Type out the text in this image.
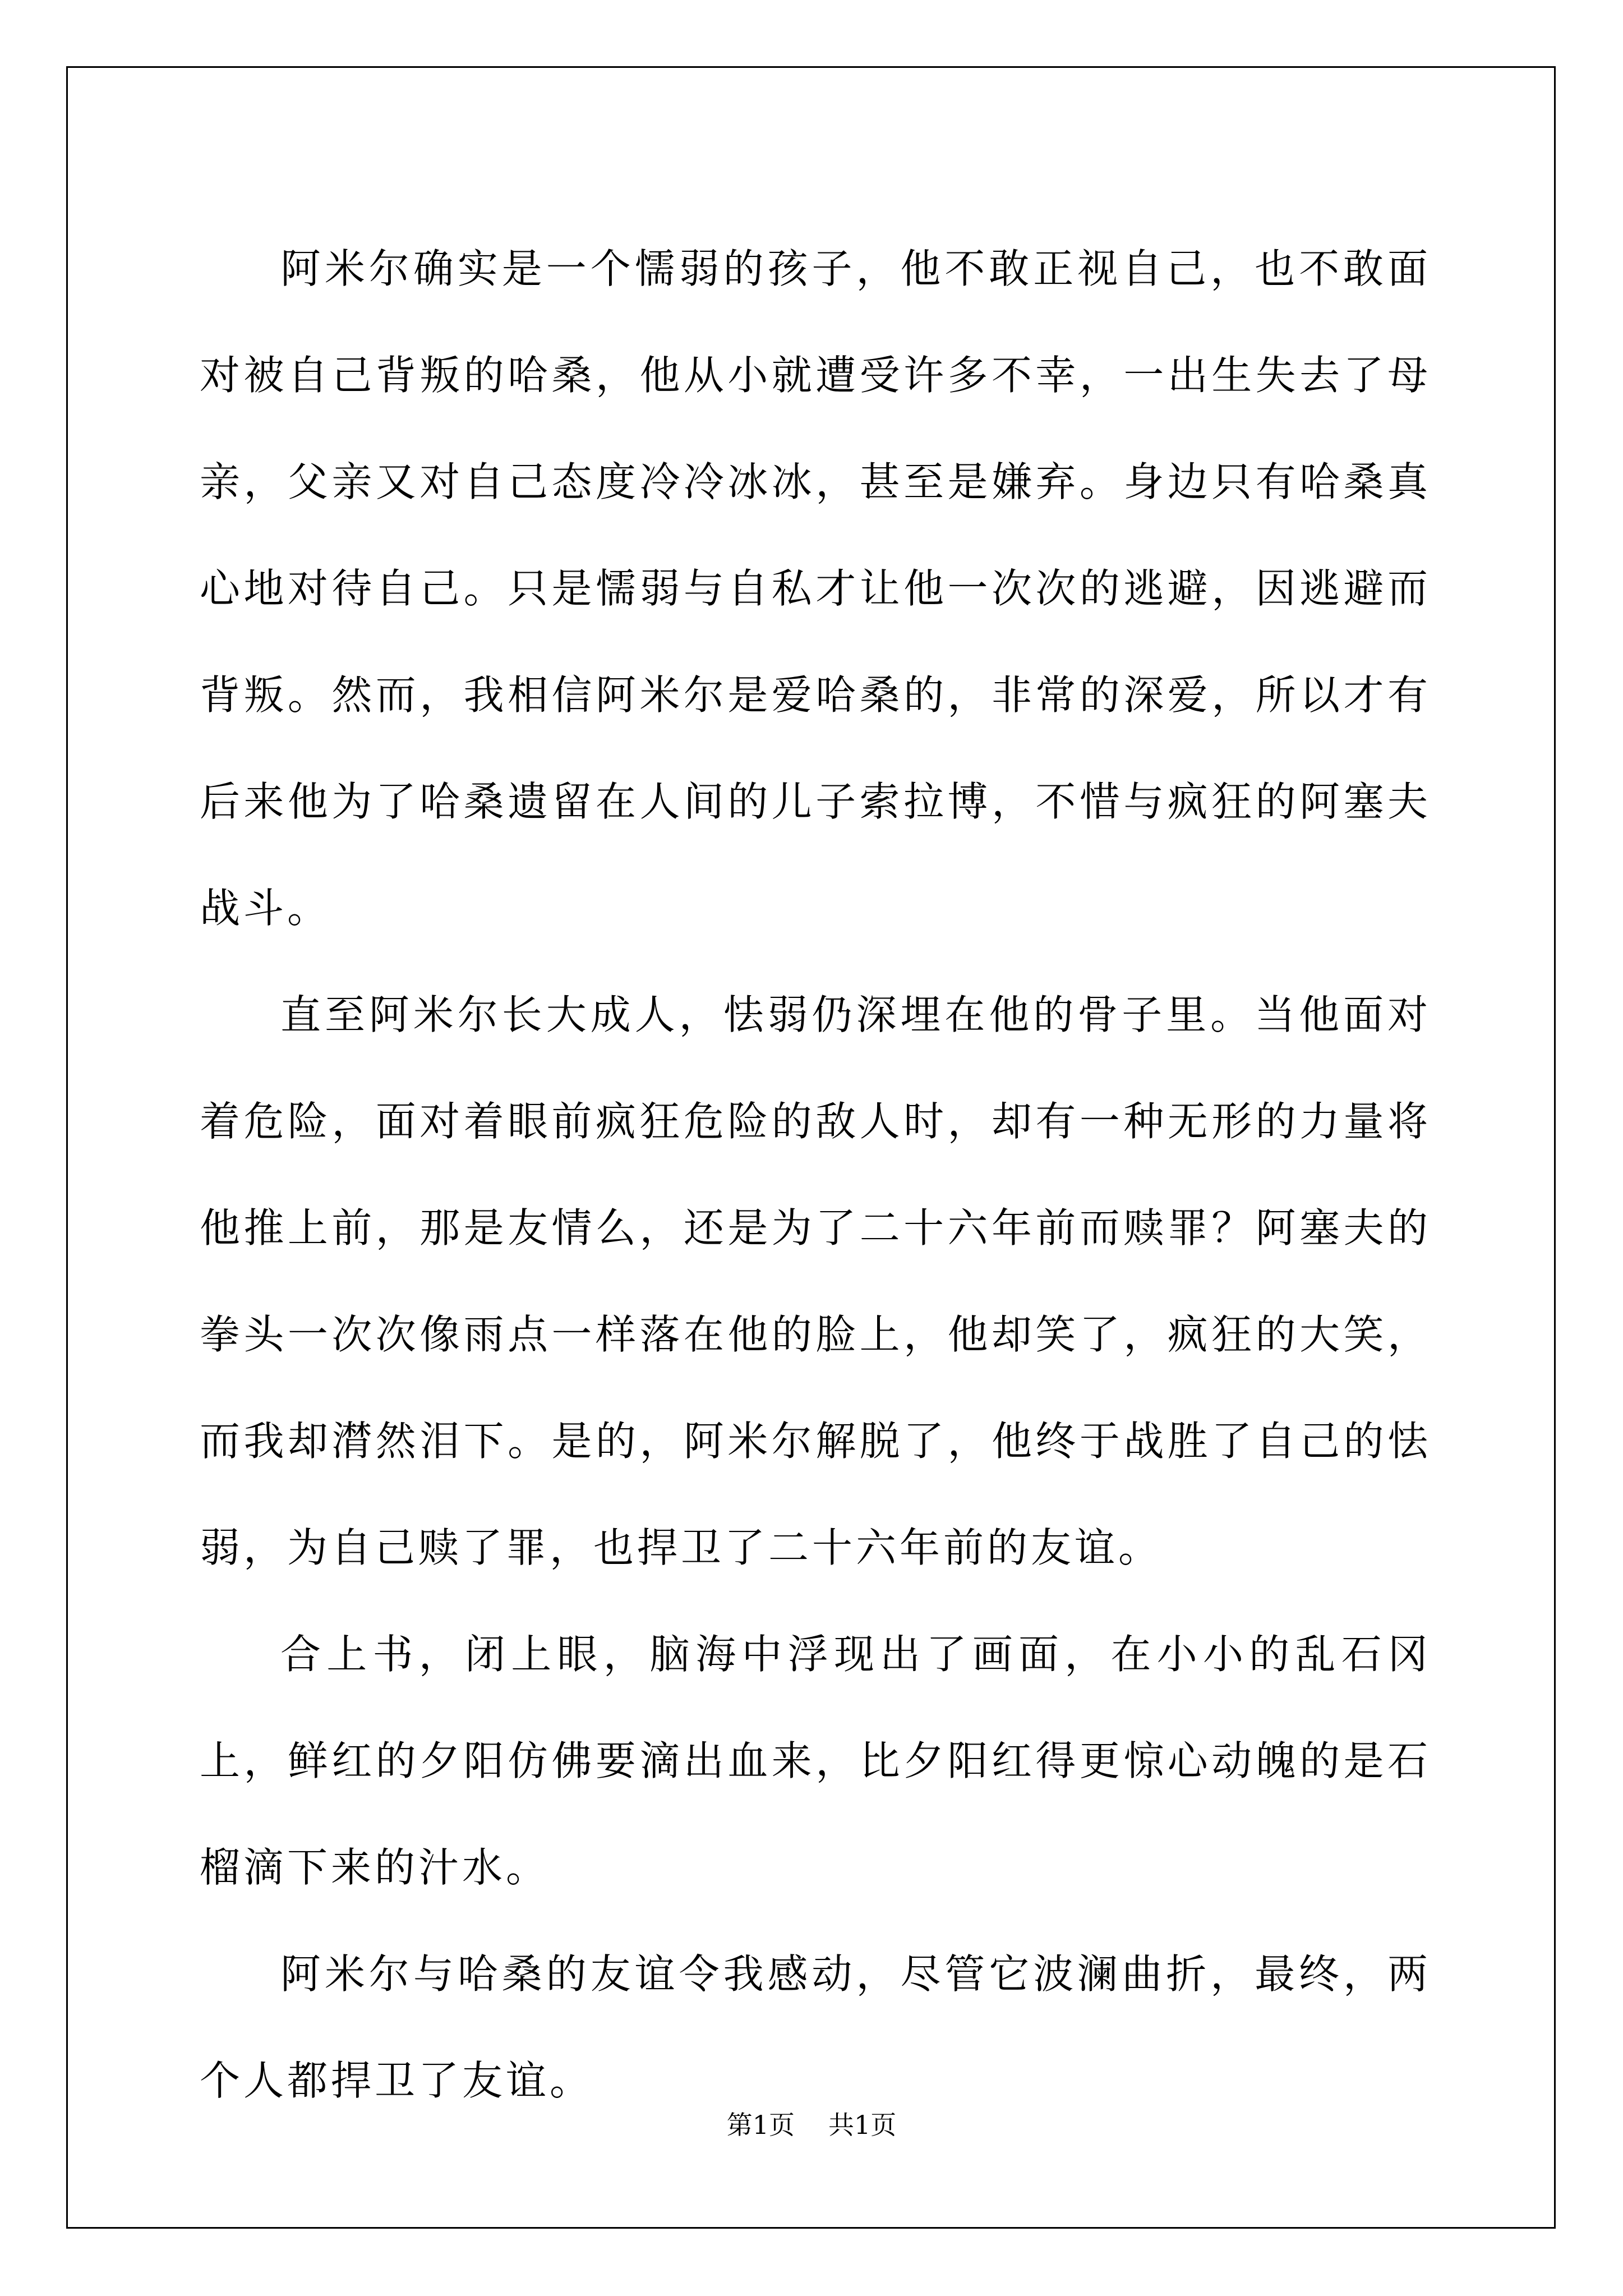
阿米尔确实是一个懦弱的孩子，他不敢正视自己，也不敢面对被自己背叛的哈桑，他从小就遭受许多不幸，一出生失去了母亲，父亲又对自己态度冷冷冰冰，甚至是嫌弃。身边只有哈桑真心地对待自己。只是懦弱与自私才让他一次次的逃避，因逃避而背叛。然而，我相信阿米尔是爱哈桑的，非常的深爱，所以才有后来他为了哈桑遗留在人间的儿子索拉博，不惜与疯狂的阿塞夫战斗。

直至阿米尔长大成人，怯弱仍深埋在他的骨子里。当他面对着危险，面对着眼前疯狂危险的敌人时，却有一种无形的力量将他推上前，那是友情么，还是为了二十六年前而赎罪？阿塞夫的拳头一次次像雨点一样落在他的脸上，他却笑了，疯狂的大笑，而我却潸然泪下。是的，阿米尔解脱了，他终于战胜了自己的怯弱，为自己赎了罪，也捍卫了二十六年前的友谊。

合上书，闭上眼，脑海中浮现出了画面，在小小的乱石冈上，鲜红的夕阳仿佛要滴出血来，比夕阳红得更惊心动魄的是石榴滴下来的汁水。

阿米尔与哈桑的友谊令我感动，尽管它波澜曲折，最终，两个人都捍卫了友谊。

第1页 共1页
